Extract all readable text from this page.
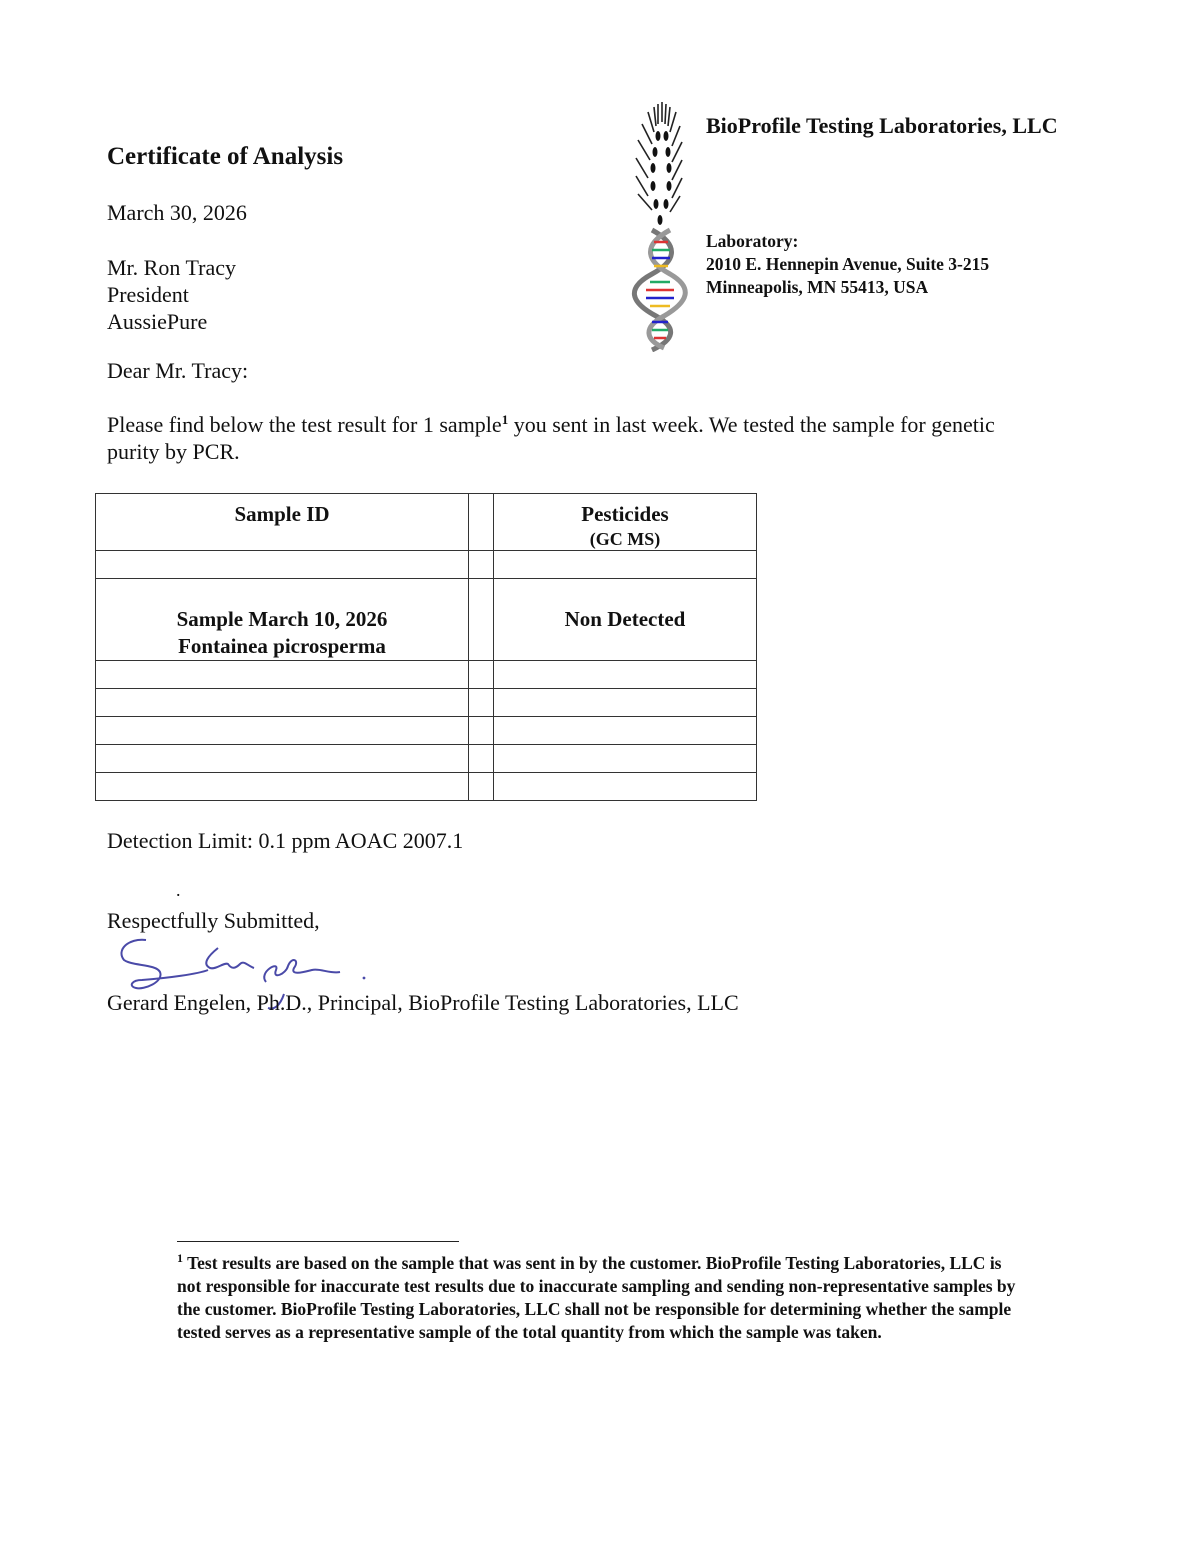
Certificate of Analysis
BioProfile Testing Laboratories, LLC
Laboratory:
2010 E. Hennepin Avenue, Suite 3-215
Minneapolis, MN 55413, USA
March 30, 2026
Mr. Ron Tracy
President
AussiePure
Dear Mr. Tracy:
Please find below the test result for 1 sample$^1$ you sent in last week. We tested the sample for genetic purity by PCR.
Sample ID		Pesticides
(GC MS)

Sample March 10, 2026
Fontainea picrosperma		Non Detected

Detection Limit: 0.1 ppm AOAC 2007.1
.
Respectfully Submitted,
Gerard Engelen, Ph.D., Principal, BioProfile Testing Laboratories, LLC
$^1$ Test results are based on the sample that was sent in by the customer. BioProfile Testing Laboratories, LLC is not responsible for inaccurate test results due to inaccurate sampling and sending non-representative samples by the customer. BioProfile Testing Laboratories, LLC shall not be responsible for determining whether the sample tested serves as a representative sample of the total quantity from which the sample was taken.
